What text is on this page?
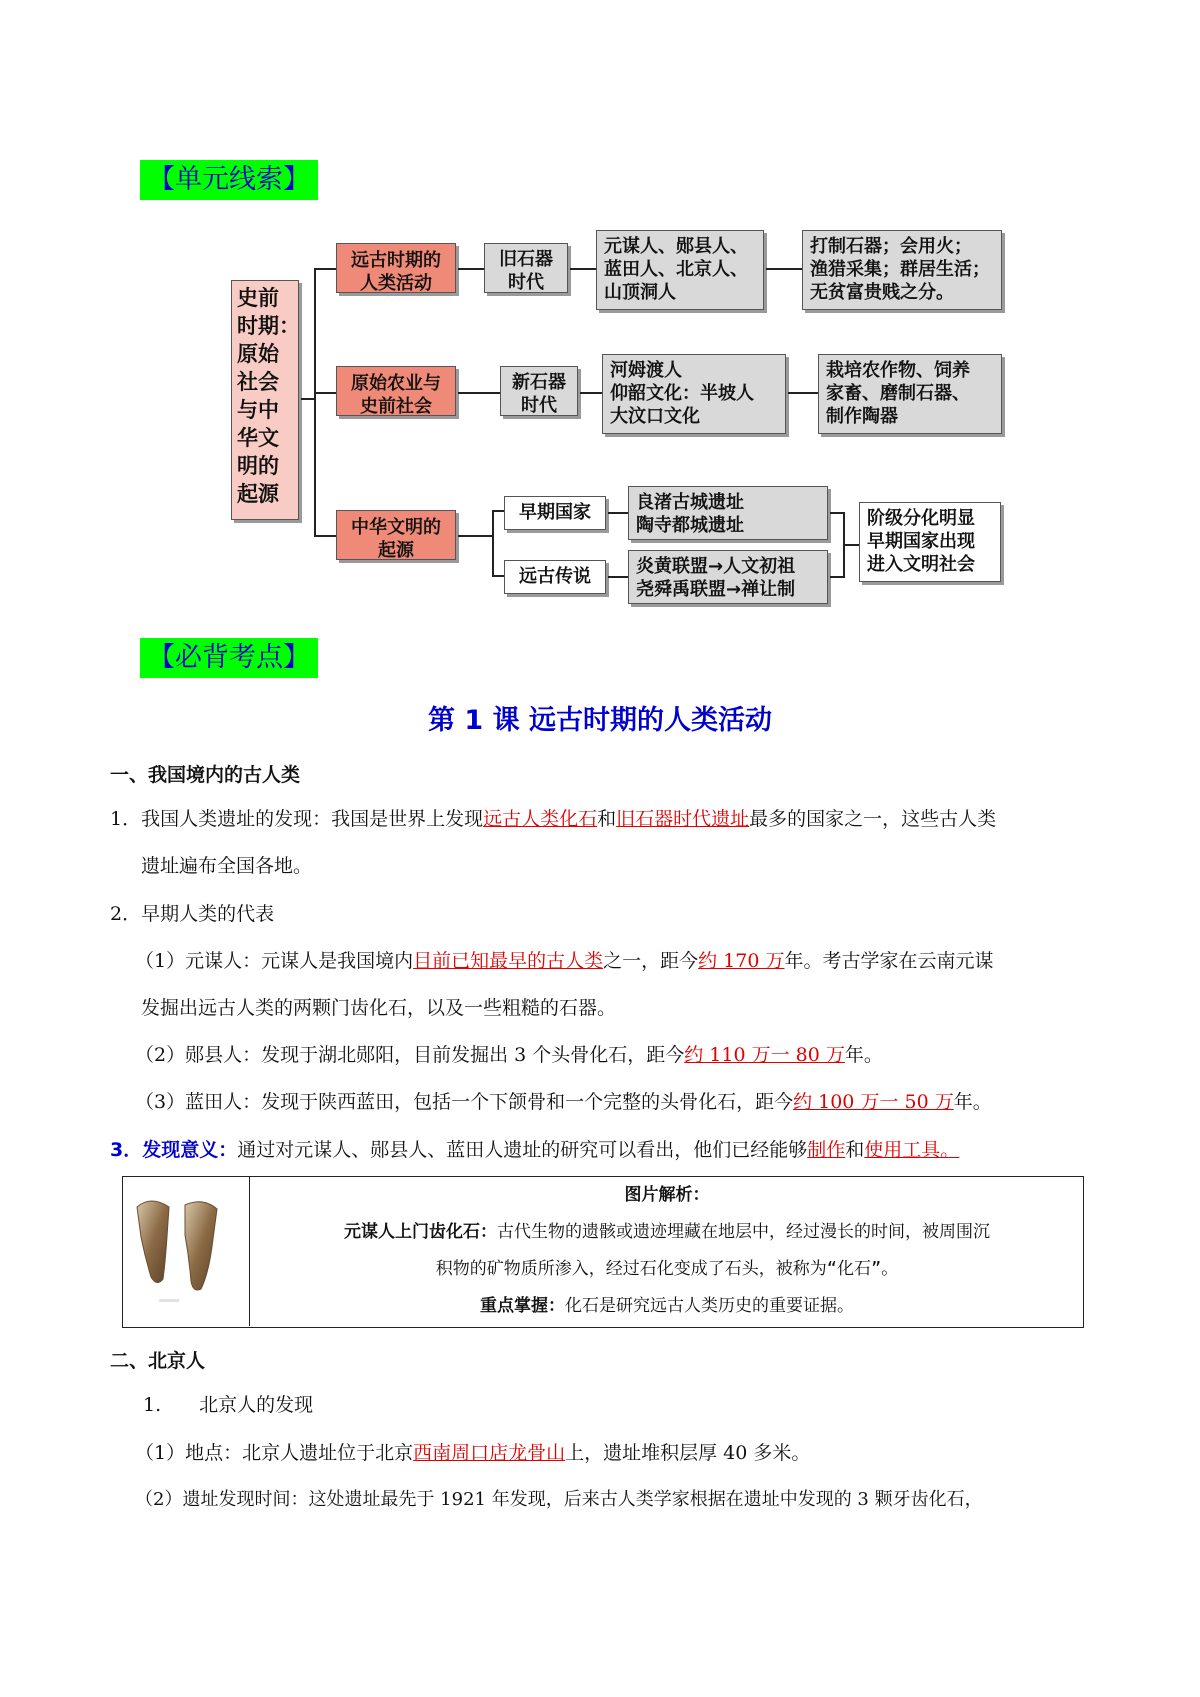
【单元线索】
【必背考点】
史前
时期：
原始
社会
与中
华文
明的
起源
远古时期的
人类活动
旧石器
时代
元谋人、郧县人、
蓝田人、北京人、
山顶洞人
打制石器；会用火；
渔猎采集；群居生活；
无贫富贵贱之分。
原始农业与
史前社会
新石器
时代
河姆渡人
仰韶文化：半坡人
大汶口文化
栽培农作物、饲养
家畜、磨制石器、
制作陶器
中华文明的
起源
早期国家
远古传说
良渚古城遗址
陶寺都城遗址
炎黄联盟→人文初祖
尧舜禹联盟→禅让制
阶级分化明显
早期国家出现
进入文明社会
第 1 课 远古时期的人类活动
一、我国境内的古人类
1．我国人类遗址的发现：我国是世界上发现远古人类化石和旧石器时代遗址最多的国家之一，这些古人类
遗址遍布全国各地。
2．早期人类的代表
（1）元谋人：元谋人是我国境内目前已知最早的古人类之一，距今约 170 万年。考古学家在云南元谋
发掘出远古人类的两颗门齿化石，以及一些粗糙的石器。
（2）郧县人：发现于湖北郧阳，目前发掘出 3 个头骨化石，距今约 110 万一 80 万年。
（3）蓝田人：发现于陕西蓝田，包括一个下颌骨和一个完整的头骨化石，距今约 100 万一 50 万年。
3．发现意义：通过对元谋人、郧县人、蓝田人遗址的研究可以看出，他们已经能够制作和使用工具。
图片解析：
元谋人上门齿化石：古代生物的遗骸或遗迹埋藏在地层中，经过漫长的时间，被周围沉
积物的矿物质所渗入，经过石化变成了石头，被称为“化石”。
重点掌握：化石是研究远古人类历史的重要证据。
二、北京人
1.　　北京人的发现
（1）地点：北京人遗址位于北京西南周口店龙骨山上，遗址堆积层厚 40 多米。
（2）遗址发现时间：这处遗址最先于 1921 年发现，后来古人类学家根据在遗址中发现的 3 颗牙齿化石，
